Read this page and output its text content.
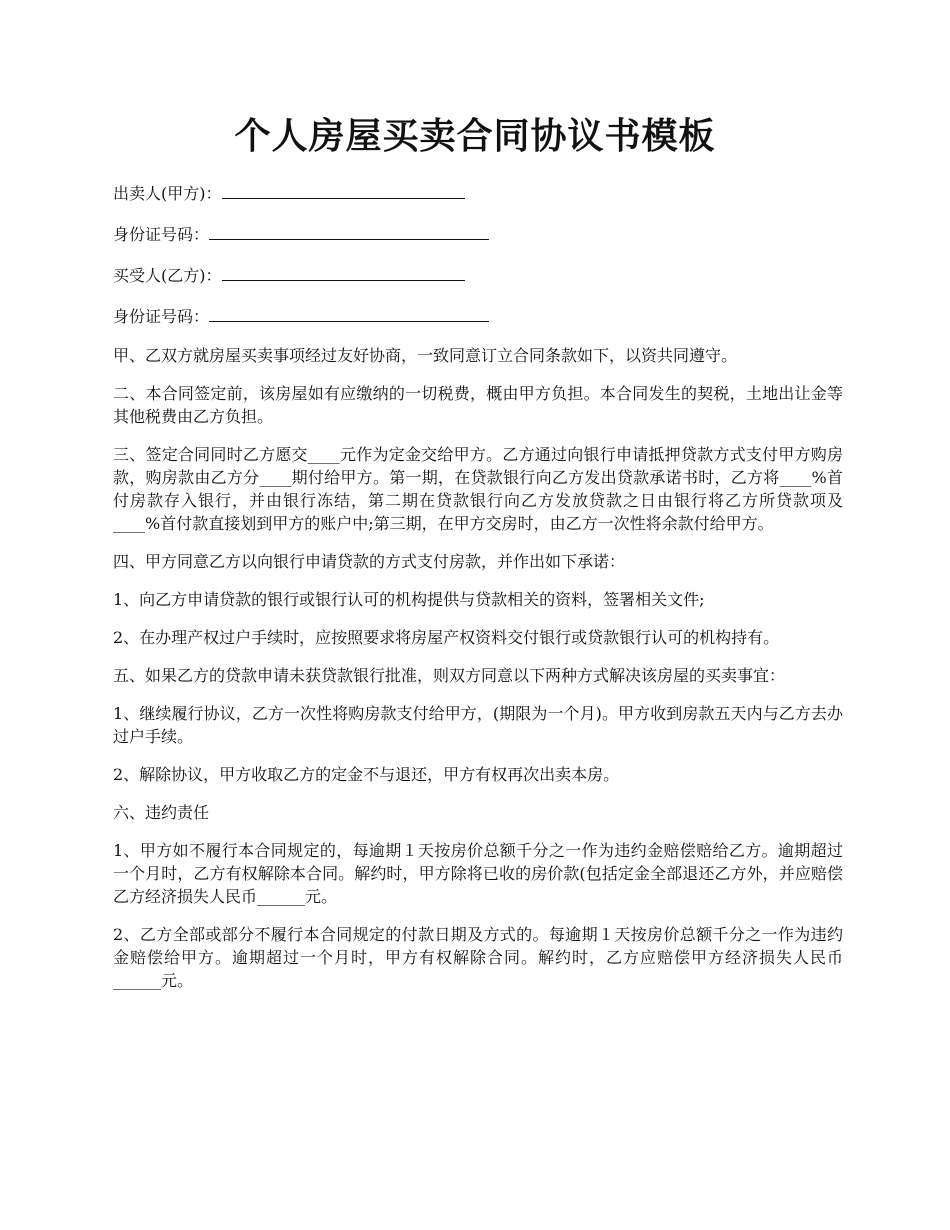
个人房屋买卖合同协议书模板
出卖人(甲方)：
身份证号码：
买受人(乙方)：
身份证号码：

甲、乙双方就房屋买卖事项经过友好协商，一致同意订立合同条款如下，以资共同遵守。

二、本合同签定前，该房屋如有应缴纳的一切税费，概由甲方负担。本合同发生的契税，土地出让金等其他税费由乙方负担。

三、签定合同同时乙方愿交____元作为定金交给甲方。乙方通过向银行申请抵押贷款方式支付甲方购房款，购房款由乙方分____期付给甲方。第一期，在贷款银行向乙方发出贷款承诺书时，乙方将____%首付房款存入银行，并由银行冻结，第二期在贷款银行向乙方发放贷款之日由银行将乙方所贷款项及____%首付款直接划到甲方的账户中;第三期，在甲方交房时，由乙方一次性将余款付给甲方。

四、甲方同意乙方以向银行申请贷款的方式支付房款，并作出如下承诺：

1、向乙方申请贷款的银行或银行认可的机构提供与贷款相关的资料，签署相关文件;

2、在办理产权过户手续时，应按照要求将房屋产权资料交付银行或贷款银行认可的机构持有。

五、如果乙方的贷款申请未获贷款银行批准，则双方同意以下两种方式解决该房屋的买卖事宜：

1、继续履行协议，乙方一次性将购房款支付给甲方，(期限为一个月)。甲方收到房款五天内与乙方去办过户手续。

2、解除协议，甲方收取乙方的定金不与退还，甲方有权再次出卖本房。

六、违约责任

1、甲方如不履行本合同规定的，每逾期１天按房价总额千分之一作为违约金赔偿赔给乙方。逾期超过一个月时，乙方有权解除本合同。解约时，甲方除将已收的房价款(包括定金全部退还乙方外，并应赔偿乙方经济损失人民币______元。

2、乙方全部或部分不履行本合同规定的付款日期及方式的。每逾期１天按房价总额千分之一作为违约金赔偿给甲方。逾期超过一个月时，甲方有权解除合同。解约时，乙方应赔偿甲方经济损失人民币______元。
